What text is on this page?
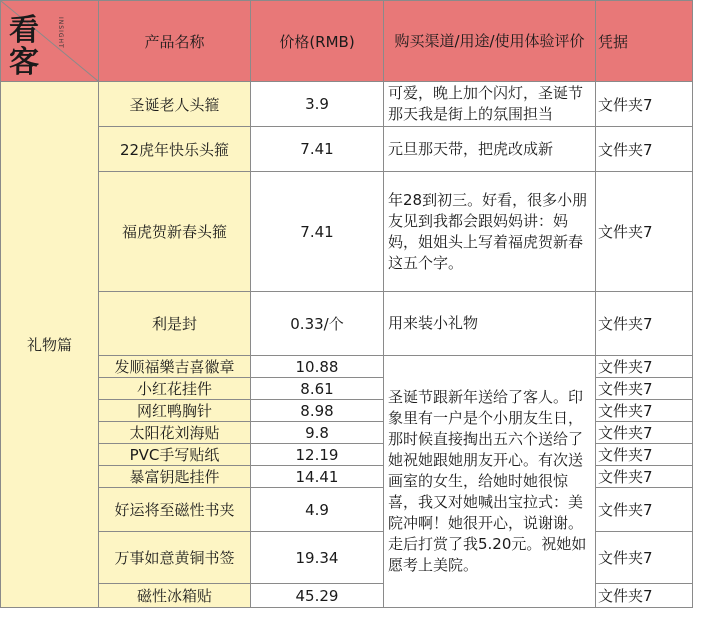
看客
INSIGHT	产品名称	价格(RMB)	购买渠道/用途/使用体验评价	凭据
礼物篇	圣诞老人头箍	3.9	可爱，晚上加个闪灯，圣诞节那天我是街上的氛围担当	文件夹7
	22虎年快乐头箍	7.41	元旦那天带，把虎改成新	文件夹7
	福虎贺新春头箍	7.41	年28到初三。好看，很多小朋友见到我都会跟妈妈讲：妈妈，姐姐头上写着福虎贺新春这五个字。	文件夹7
	利是封	0.33/个	用来装小礼物	文件夹7
	发顺福樂吉喜徽章	10.88	圣诞节跟新年送给了客人。印象里有一户是个小朋友生日，那时候直接掏出五六个送给了她祝她跟她朋友开心。有次送画室的女生，给她时她很惊喜，我又对她喊出宝拉式：美院冲啊！她很开心，说谢谢。走后打赏了我5.20元。祝她如愿考上美院。	文件夹7
	小红花挂件	8.61		文件夹7
	网红鸭胸针	8.98		文件夹7
	太阳花刘海贴	9.8		文件夹7
	PVC手写贴纸	12.19		文件夹7
	暴富钥匙挂件	14.41		文件夹7
	好运将至磁性书夹	4.9		文件夹7
	万事如意黄铜书签	19.34		文件夹7
	磁性冰箱贴	45.29		文件夹7
